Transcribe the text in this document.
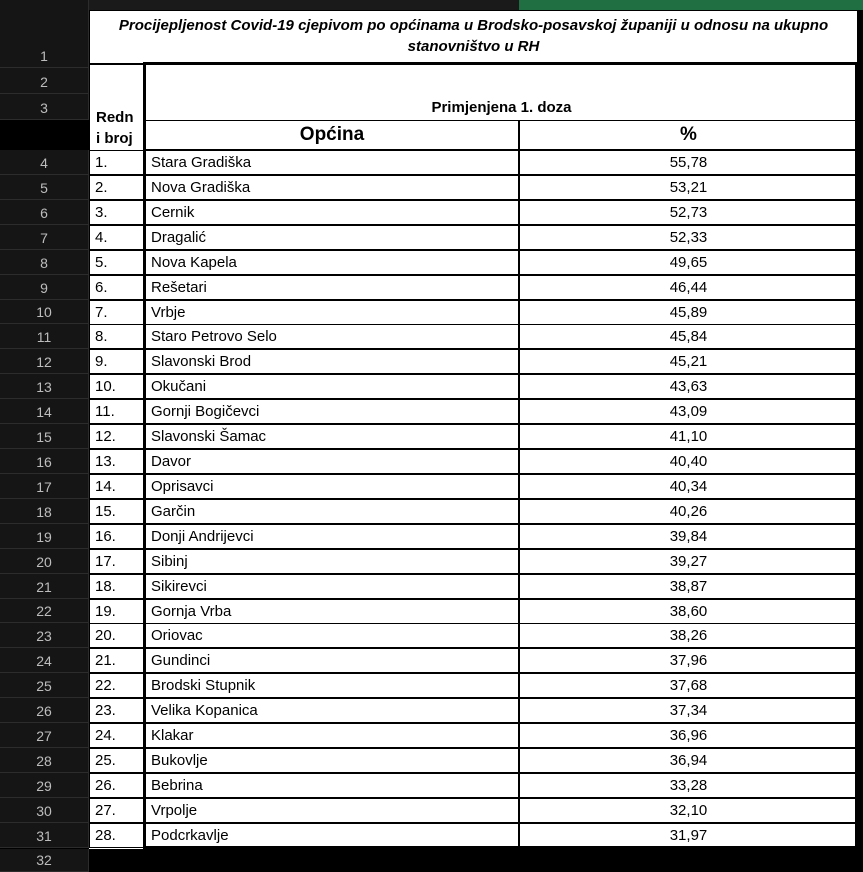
1
2
3
4
5
6
7
8
9
10
11
12
13
14
15
16
17
18
19
20
21
22
23
24
25
26
27
28
29
30
31
32
Procijepljenost Covid-19 cjepivom po općinama u Brodsko-posavskoj županiji u odnosu na ukupno
stanovništvo u RH
Redn
i broj
Primjenjena 1. doza
Općina	%
1.	Stara Gradiška	55,78
2.	Nova Gradiška	53,21
3.	Cernik	52,73
4.	Dragalić	52,33
5.	Nova Kapela	49,65
6.	Rešetari	46,44
7.	Vrbje	45,89
8.	Staro Petrovo Selo	45,84
9.	Slavonski Brod	45,21
10.	Okučani	43,63
11.	Gornji Bogičevci	43,09
12.	Slavonski Šamac	41,10
13.	Davor	40,40
14.	Oprisavci	40,34
15.	Garčin	40,26
16.	Donji Andrijevci	39,84
17.	Sibinj	39,27
18.	Sikirevci	38,87
19.	Gornja Vrba	38,60
20.	Oriovac	38,26
21.	Gundinci	37,96
22.	Brodski Stupnik	37,68
23.	Velika Kopanica	37,34
24.	Klakar	36,96
25.	Bukovlje	36,94
26.	Bebrina	33,28
27.	Vrpolje	32,10
28.	Podcrkavlje	31,97
